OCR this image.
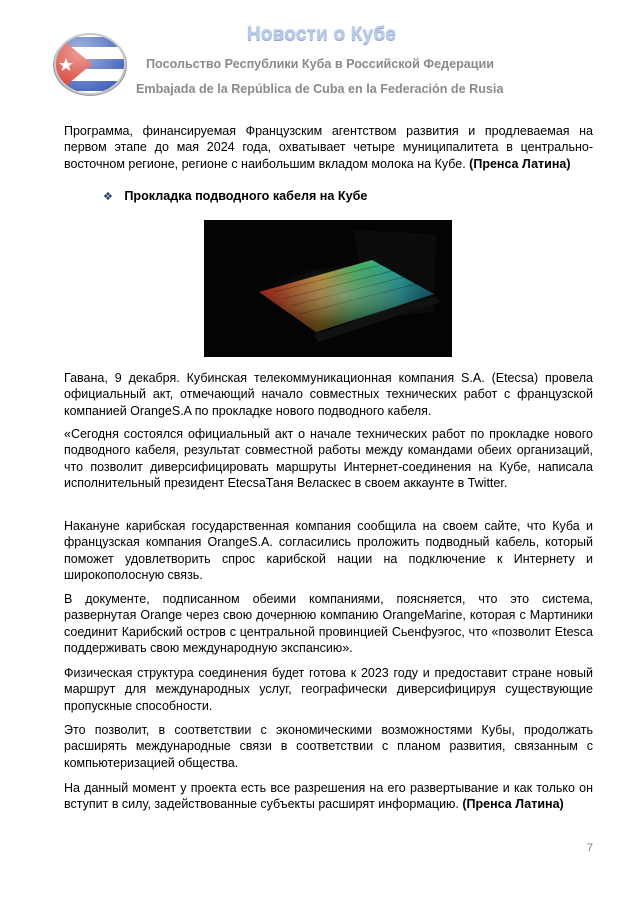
Новости о Кубе
Посольство Республики Куба в Российской Федерации
Embajada de la República de Cuba en la Federación de Rusia

Программа, финансируемая Французским агентством развития и продлеваемая на первом этапе до мая 2024 года, охватывает четыре муниципалитета в центрально-восточном регионе, регионе с наибольшим вкладом молока на Кубе. (Пренса Латина)

❖ Прокладка подводного кабеля на Кубе

Гавана, 9 декабря. Кубинская телекоммуникационная компания S.A. (Etecsa) провела официальный акт, отмечающий начало совместных технических работ с французской компанией OrangeS.A по прокладке нового подводного кабеля.

«Сегодня состоялся официальный акт о начале технических работ по прокладке нового подводного кабеля, результат совместной работы между командами обеих организаций, что позволит диверсифицировать маршруты Интернет-соединения на Кубе, написала исполнительный президент EtecsaТаня Веласкес в своем аккаунте в Twitter.

Накануне карибская государственная компания сообщила на своем сайте, что Куба и французская компания OrangeS.A. согласились проложить подводный кабель, который поможет удовлетворить спрос карибской нации на подключение к Интернету и широкополосную связь.

В документе, подписанном обеими компаниями, поясняется, что это система, развернутая Orange через свою дочернюю компанию OrangeMarine, которая с Мартиники соединит Карибский остров с центральной провинцией Сьенфуэгос, что «позволит Etesca поддерживать свою международную экспансию».

Физическая структура соединения будет готова к 2023 году и предоставит стране новый маршрут для международных услуг, географически диверсифицируя существующие пропускные способности.

Это позволит, в соответствии с экономическими возможностями Кубы, продолжать расширять международные связи в соответствии с планом развития, связанным с компьютеризацией общества.

На данный момент у проекта есть все разрешения на его развертывание и как только он вступит в силу, задействованные субъекты расширят информацию. (Пренса Латина)

7
